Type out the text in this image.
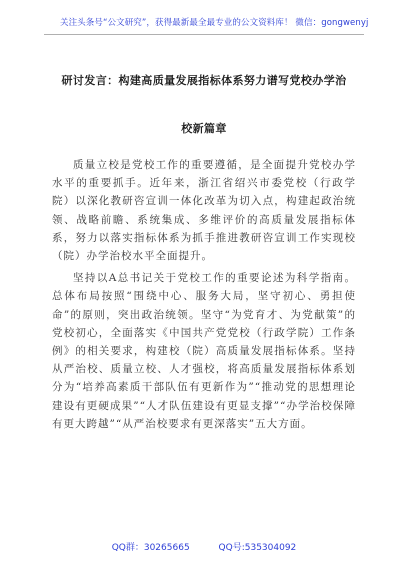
关注头条号“公文研究”，获得最新最全最专业的公文资料库！ 微信：gongwenyj
研讨发言：构建高质量发展指标体系努力谱写党校办学治
校新篇章

质量立校是党校工作的重要遵循，是全面提升党校办学水平的重要抓手。近年来，浙江省绍兴市委党校（行政学院）以深化教研咨宣训一体化改革为切入点，构建起政治统领、战略前瞻、系统集成、多维评价的高质量发展指标体系，努力以落实指标体系为抓手推进教研咨宣训工作实现校（院）办学治校水平全面提升。

坚持以A总书记关于党校工作的重要论述为科学指南。总体布局按照“围绕中心、服务大局，坚守初心、勇担使命”的原则，突出政治统领。坚守“为党育才、为党献策”的党校初心，全面落实《中国共产党党校（行政学院）工作条例》的相关要求，构建校（院）高质量发展指标体系。坚持从严治校、质量立校、人才强校，将高质量发展指标体系划分为“培养高素质干部队伍有更新作为”“推动党的思想理论建设有更硬成果”“人才队伍建设有更显支撑”“办学治校保障有更大跨越”“从严治校要求有更深落实”五大方面。

QQ群：30265665	QQ号:535304092
